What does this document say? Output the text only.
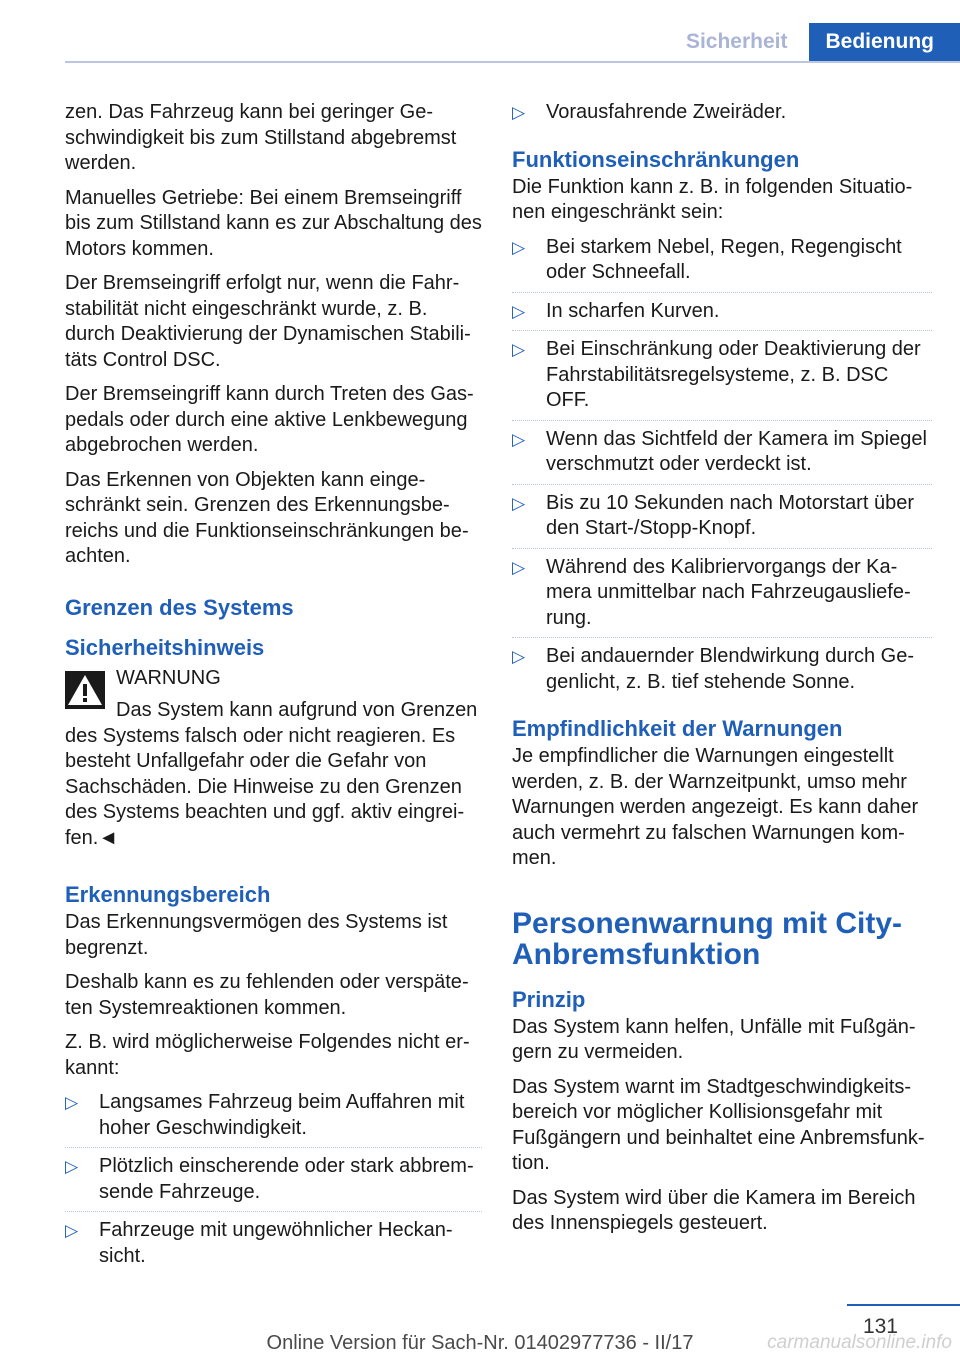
Sicherheit	Bedienung

zen. Das Fahrzeug kann bei geringer Geschwindigkeit bis zum Stillstand abgebremst werden.

Manuelles Getriebe: Bei einem Bremseingriff bis zum Stillstand kann es zur Abschaltung des Motors kommen.

Der Bremseingriff erfolgt nur, wenn die Fahrstabilität nicht eingeschränkt wurde, z. B. durch Deaktivierung der Dynamischen Stabilitäts Control DSC.

Der Bremseingriff kann durch Treten des Gaspedals oder durch eine aktive Lenkbewegung abgebrochen werden.

Das Erkennen von Objekten kann eingeschränkt sein. Grenzen des Erkennungsbereichs und die Funktionseinschränkungen beachten.

Grenzen des Systems
Sicherheitshinweis
WARNUNG
Das System kann aufgrund von Grenzen
des Systems falsch oder nicht reagieren. Es besteht Unfallgefahr oder die Gefahr von Sachschäden. Die Hinweise zu den Grenzen des Systems beachten und ggf. aktiv eingreifen.◄
Erkennungsbereich

Das Erkennungsvermögen des Systems ist begrenzt.

Deshalb kann es zu fehlenden oder verspäteten Systemreaktionen kommen.

Z. B. wird möglicherweise Folgendes nicht erkannt:

▷ Langsames Fahrzeug beim Auffahren mit hoher Geschwindigkeit.
▷ Plötzlich einscherende oder stark abbremsende Fahrzeuge.
▷ Fahrzeuge mit ungewöhnlicher Heckansicht.
▷ Vorausfahrende Zweiräder.
Funktionseinschränkungen

Die Funktion kann z. B. in folgenden Situationen eingeschränkt sein:

▷ Bei starkem Nebel, Regen, Regengischt oder Schneefall.
▷ In scharfen Kurven.
▷ Bei Einschränkung oder Deaktivierung der Fahrstabilitätsregelsysteme, z. B. DSC OFF.
▷ Wenn das Sichtfeld der Kamera im Spiegel verschmutzt oder verdeckt ist.
▷ Bis zu 10 Sekunden nach Motorstart über den Start-/Stopp-Knopf.
▷ Während des Kalibriervorgangs der Kamera unmittelbar nach Fahrzeugauslieferung.
▷ Bei andauernder Blendwirkung durch Gegenlicht, z. B. tief stehende Sonne.
Empfindlichkeit der Warnungen

Je empfindlicher die Warnungen eingestellt werden, z. B. der Warnzeitpunkt, umso mehr Warnungen werden angezeigt. Es kann daher auch vermehrt zu falschen Warnungen kommen.

Personenwarnung mit City-Anbremsfunktion
Prinzip

Das System kann helfen, Unfälle mit Fußgängern zu vermeiden.

Das System warnt im Stadtgeschwindigkeitsbereich vor möglicher Kollisionsgefahr mit Fußgängern und beinhaltet eine Anbremsfunktion.

Das System wird über die Kamera im Bereich des Innenspiegels gesteuert.

131
Online Version für Sach-Nr. 01402977736 - II/17	carmanualsonline.info
